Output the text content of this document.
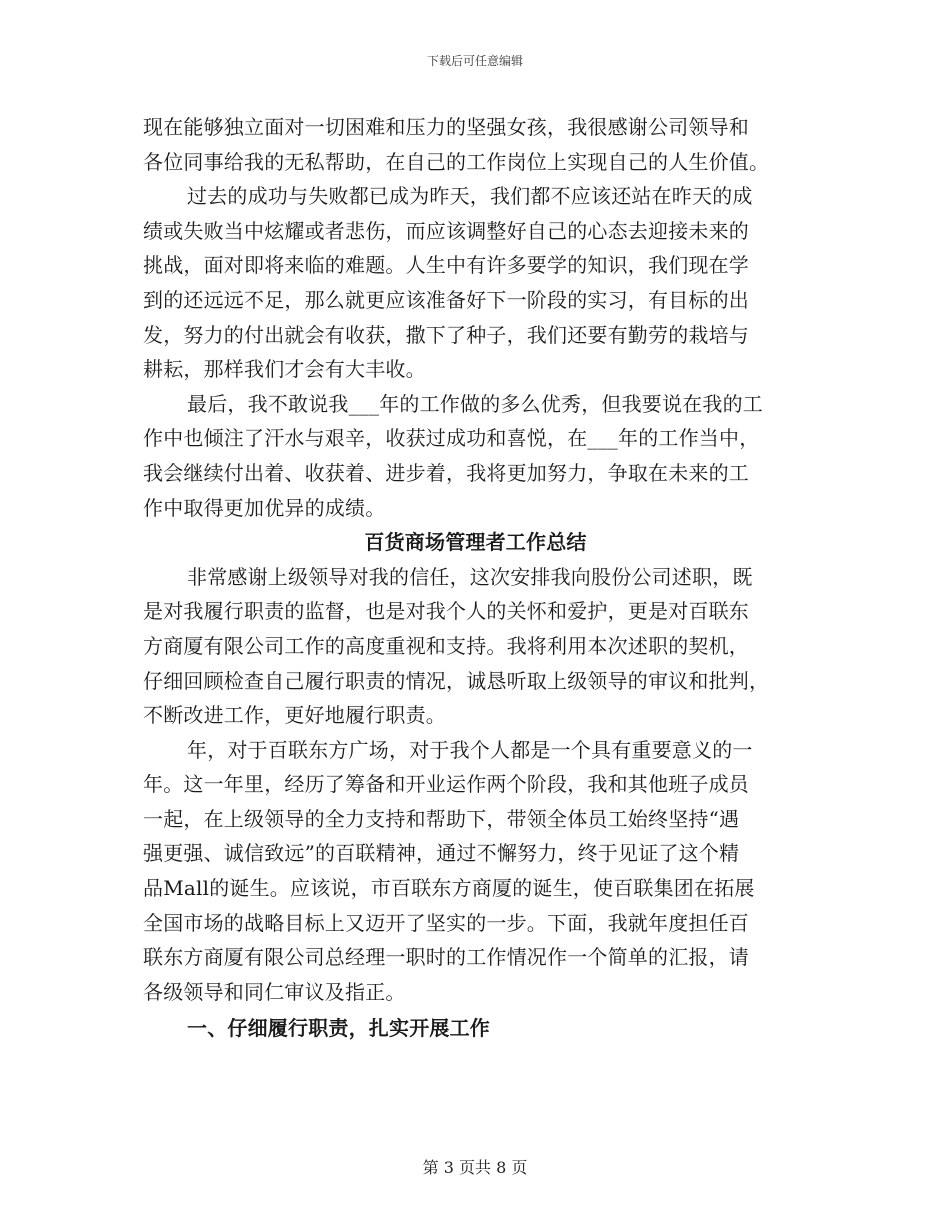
下载后可任意编辑
现在能够独立面对一切困难和压力的坚强女孩，我很感谢公司领导和
各位同事给我的无私帮助，在自己的工作岗位上实现自己的人生价值。
过去的成功与失败都已成为昨天，我们都不应该还站在昨天的成
绩或失败当中炫耀或者悲伤，而应该调整好自己的心态去迎接未来的
挑战，面对即将来临的难题。人生中有许多要学的知识，我们现在学
到的还远远不足，那么就更应该准备好下一阶段的实习，有目标的出
发，努力的付出就会有收获，撒下了种子，我们还要有勤劳的栽培与
耕耘，那样我们才会有大丰收。
最后，我不敢说我___年的工作做的多么优秀，但我要说在我的工
作中也倾注了汗水与艰辛，收获过成功和喜悦，在___年的工作当中，
我会继续付出着、收获着、进步着，我将更加努力，争取在未来的工
作中取得更加优异的成绩。
百货商场管理者工作总结
非常感谢上级领导对我的信任，这次安排我向股份公司述职，既
是对我履行职责的监督，也是对我个人的关怀和爱护，更是对百联东
方商厦有限公司工作的高度重视和支持。我将利用本次述职的契机，
仔细回顾检查自己履行职责的情况，诚恳听取上级领导的审议和批判，
不断改进工作，更好地履行职责。
年，对于百联东方广场，对于我个人都是一个具有重要意义的一
年。这一年里，经历了筹备和开业运作两个阶段，我和其他班子成员
一起，在上级领导的全力支持和帮助下，带领全体员工始终坚持“遇
强更强、诚信致远”的百联精神，通过不懈努力，终于见证了这个精
品Mall的诞生。应该说，市百联东方商厦的诞生，使百联集团在拓展
全国市场的战略目标上又迈开了坚实的一步。下面，我就年度担任百
联东方商厦有限公司总经理一职时的工作情况作一个简单的汇报，请
各级领导和同仁审议及指正。
一、仔细履行职责，扎实开展工作
第 3 页共 8 页
